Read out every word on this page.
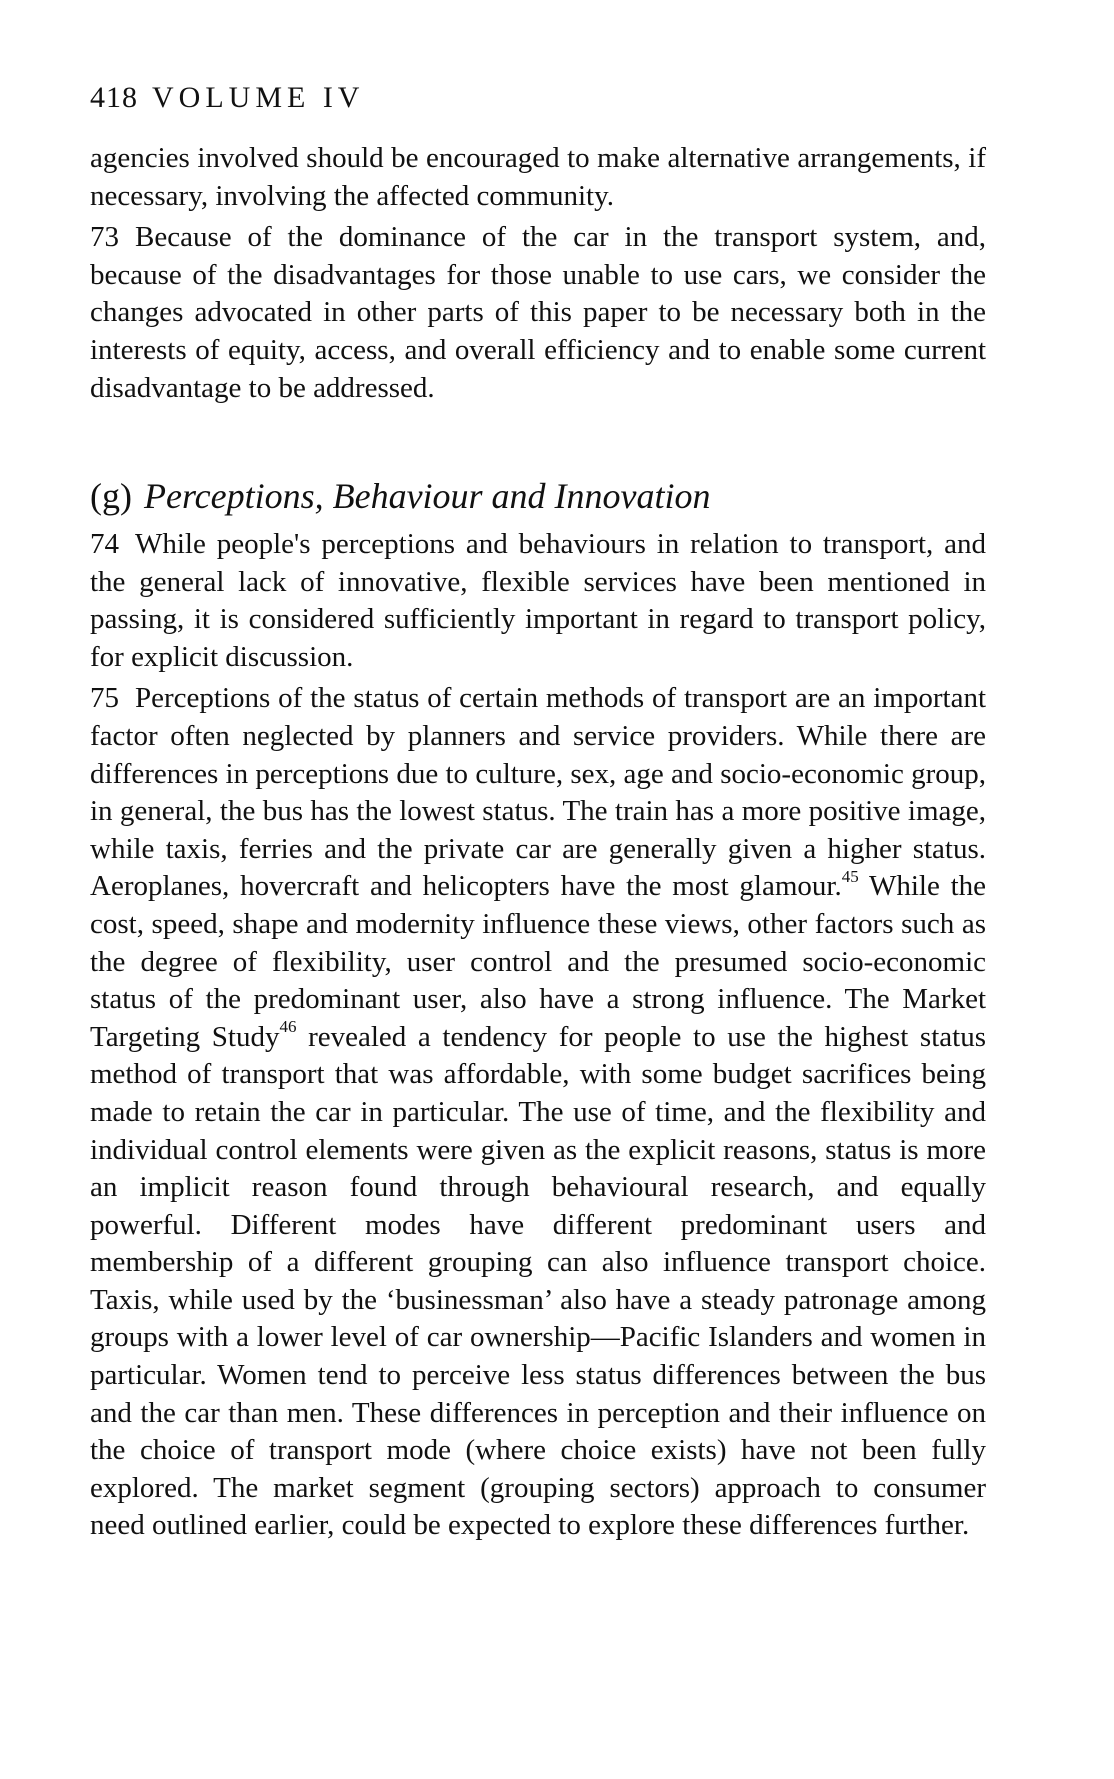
418 VOLUME IV

agencies involved should be encouraged to make alternative arrangements, if necessary, involving the affected community.

73 Because of the dominance of the car in the transport system, and, because of the disadvantages for those unable to use cars, we consider the changes advocated in other parts of this paper to be necessary both in the interests of equity, access, and overall efficiency and to enable some current disadvantage to be addressed.

(g) Perceptions, Behaviour and Innovation

74 While people's perceptions and behaviours in relation to transport, and the general lack of innovative, flexible services have been mentioned in passing, it is considered sufficiently important in regard to transport policy, for explicit discussion.

75 Perceptions of the status of certain methods of transport are an important factor often neglected by planners and service providers. While there are differences in perceptions due to culture, sex, age and socio-economic group, in general, the bus has the lowest status. The train has a more positive image, while taxis, ferries and the private car are generally given a higher status. Aeroplanes, hovercraft and helicopters have the most glamour.$^{45}$ While the cost, speed, shape and modernity influence these views, other factors such as the degree of flexibility, user control and the presumed socio-economic status of the predominant user, also have a strong influence. The Market Targeting Study$^{46}$ revealed a tendency for people to use the highest status method of transport that was affordable, with some budget sacrifices being made to retain the car in particular. The use of time, and the flexibility and individual control elements were given as the explicit reasons, status is more an implicit reason found through behavioural research, and equally powerful. Different modes have different predominant users and membership of a different grouping can also influence transport choice. Taxis, while used by the ‘businessman’ also have a steady patronage among groups with a lower level of car ownership—Pacific Islanders and women in particular. Women tend to perceive less status differences between the bus and the car than men. These differences in perception and their influence on the choice of transport mode (where choice exists) have not been fully explored. The market segment (grouping sectors) approach to consumer need outlined earlier, could be expected to explore these differences further.
